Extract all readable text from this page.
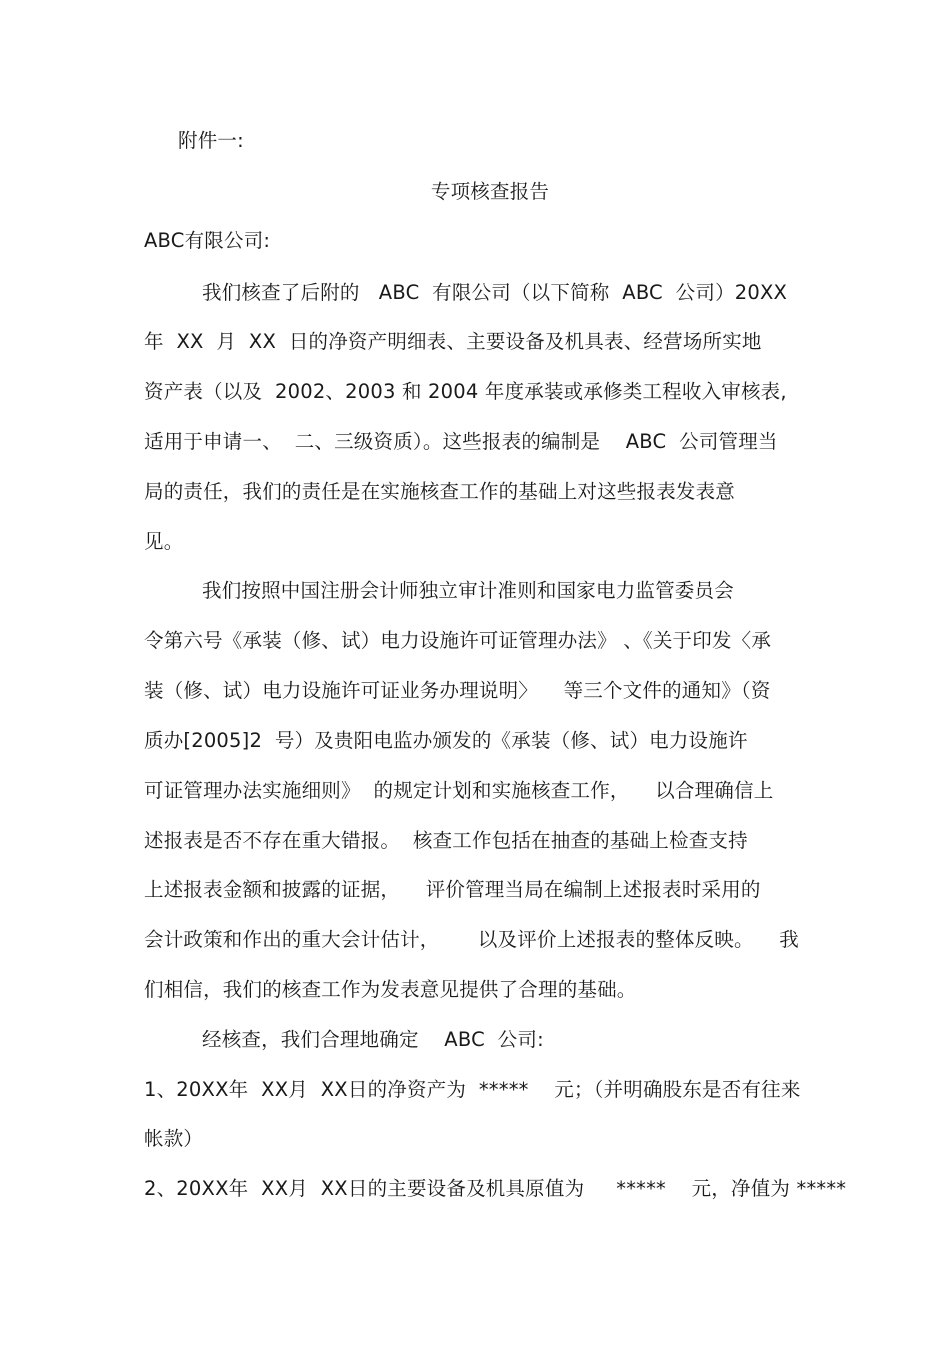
附件一:
专项核查报告
ABC有限公司:
我们核查了后附的   ABC  有限公司（以下简称  ABC  公司）20XX
年  XX  月  XX  日的净资产明细表、主要设备及机具表、经营场所实地
资产表（以及  2002、2003 和 2004 年度承装或承修类工程收入审核表,
适用于申请一、  二、三级资质）。这些报表的编制是    ABC  公司管理当
局的责任，我们的责任是在实施核查工作的基础上对这些报表发表意
见。
我们按照中国注册会计师独立审计准则和国家电力监管委员会
令第六号《承装（修、试）电力设施许可证管理办法》 、《关于印发〈承
装（修、试）电力设施许可证业务办理说明〉    等三个文件的通知》（资
质办[2005]2  号）及贵阳电监办颁发的《承装（修、试）电力设施许
可证管理办法实施细则》  的规定计划和实施核查工作，    以合理确信上
述报表是否不存在重大错报。  核查工作包括在抽查的基础上检查支持
上述报表金额和披露的证据，    评价管理当局在编制上述报表时采用的
会计政策和作出的重大会计估计，      以及评价上述报表的整体反映。    我
们相信，我们的核查工作为发表意见提供了合理的基础。
经核查，我们合理地确定    ABC  公司:
1、20XX年  XX月  XX日的净资产为  *****    元；（并明确股东是否有往来
帐款）
2、20XX年  XX月  XX日的主要设备及机具原值为     *****    元，净值为 *****
